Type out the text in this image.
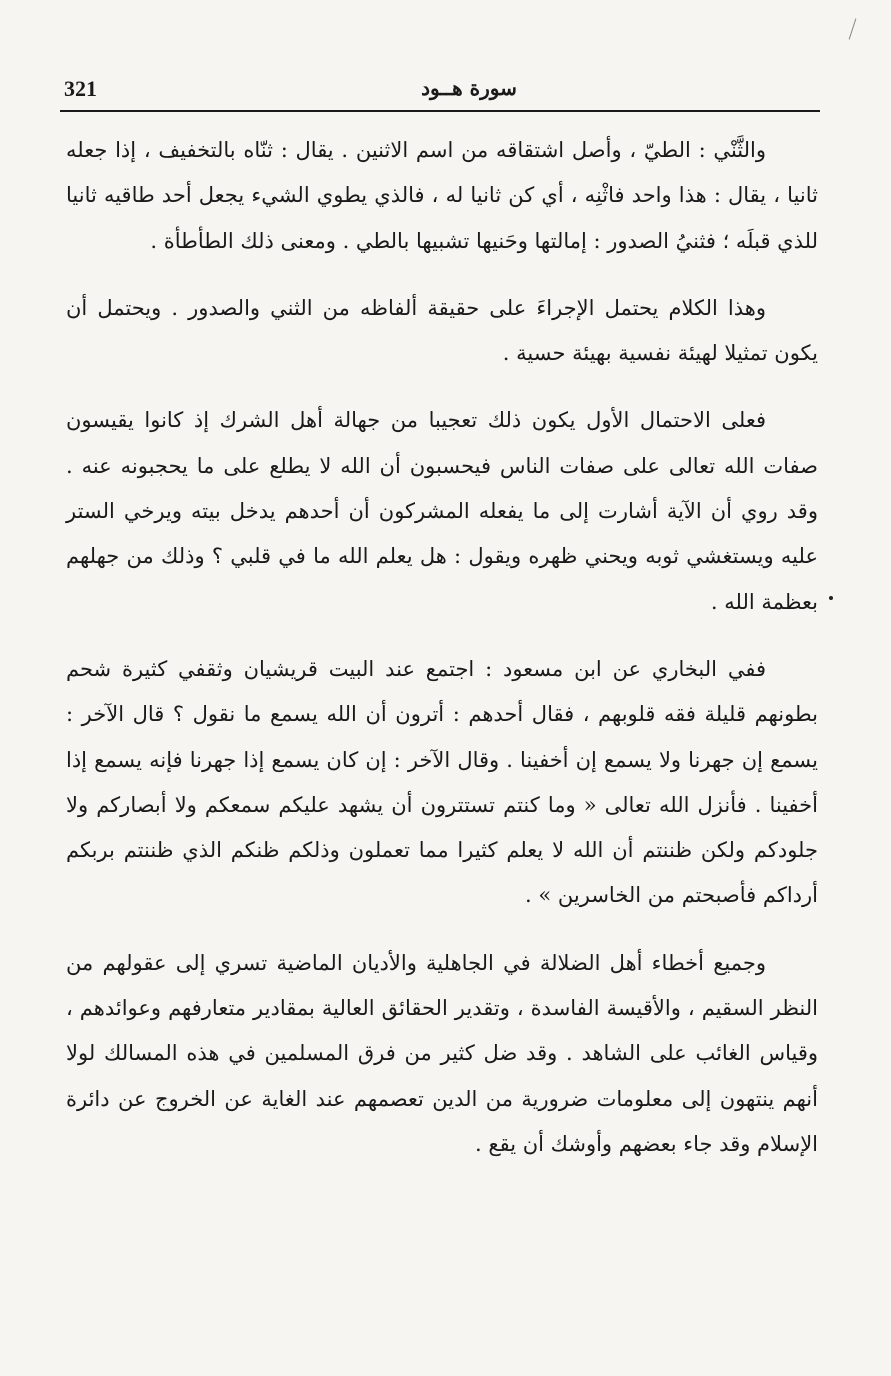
321	سورة هــود

والثَّنْي : الطيّ ، وأصل اشتقاقه من اسم الاثنين . يقال : ثنّاه بالتخفيف ، إذا جعله ثانيا ، يقال : هذا واحد فاثْنِه ، أي كن ثانيا له ، فالذي يطوي الشيء يجعل أحد طاقيه ثانيا للذي قبلَه ؛ فثنيُ الصدور : إمالتها وحَنيها تشبيها بالطي . ومعنى ذلك الطأطأة .

وهذا الكلام يحتمل الإجراءَ على حقيقة ألفاظه من الثني والصدور . ويحتمل أن يكون تمثيلا لهيئة نفسية بهيئة حسية .

فعلى الاحتمال الأول يكون ذلك تعجيبا من جهالة أهل الشرك إذ كانوا يقيسون صفات الله تعالى على صفات الناس فيحسبون أن الله لا يطلع على ما يحجبونه عنه . وقد روي أن الآية أشارت إلى ما يفعله المشركون أن أحدهم يدخل بيته ويرخي الستر عليه ويستغشي ثوبه ويحني ظهره ويقول : هل يعلم الله ما في قلبي ؟ وذلك من جهلهم بعظمة الله .

ففي البخاري عن ابن مسعود : اجتمع عند البيت قريشيان وثقفي كثيرة شحم بطونهم قليلة فقه قلوبهم ، فقال أحدهم : أترون أن الله يسمع ما نقول ؟ قال الآخر : يسمع إن جهرنا ولا يسمع إن أخفينا . وقال الآخر : إن كان يسمع إذا جهرنا فإنه يسمع إذا أخفينا . فأنزل الله تعالى « وما كنتم تستترون أن يشهد عليكم سمعكم ولا أبصاركم ولا جلودكم ولكن ظننتم أن الله لا يعلم كثيرا مما تعملون وذلكم ظنكم الذي ظننتم بربكم أرداكم فأصبحتم من الخاسرين » .

وجميع أخطاء أهل الضلالة في الجاهلية والأديان الماضية تسري إلى عقولهم من النظر السقيم ، والأقيسة الفاسدة ، وتقدير الحقائق العالية بمقادير متعارفهم وعوائدهم ، وقياس الغائب على الشاهد . وقد ضل كثير من فرق المسلمين في هذه المسالك لولا أنهم ينتهون إلى معلومات ضرورية من الدين تعصمهم عند الغاية عن الخروج عن دائرة الإسلام وقد جاء بعضهم وأوشك أن يقع .
